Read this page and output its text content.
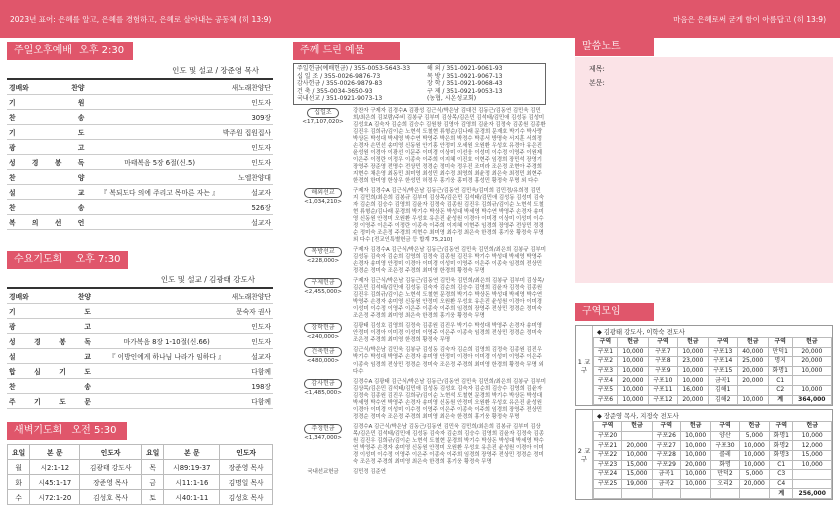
2023년 표어: 은혜를 알고, 은혜를 경험하고, 은혜로 살아내는 공동체 (히 13:9)	마음은 은혜로써 굳게 함이 아름답고 (히 13:9)
주일오후예배 오후 2:30
인도 및 설교 / 장준영 목사
경배와 찬양		새노래찬양단
기 원		인도자
찬 송		309장
기 도		박주원 집원집사
광 고		인도자
성 경 봉 독	마태복음 5장 6절(신.5)	인도자
찬 양		노엘찬양대
설 교	『 복되도다 의에 주리고 목마른 자는 』	설교자
찬 송		526장
복 의 선 언		설교자
수요기도회 오후 7:30
인도 및 설교 / 김광태 강도사
경배와 찬양		새노래찬양단
기 도		문숙자 권사
광 고		인도자
성 경 봉 독	마가복음 8장 1-10절(신.66)	인도자
설 교	『 이방인에게 하나님 나라가 임하다 』	설교자
합 심 기 도		다함께
찬 송		198장
주 기 도 문		다함께
새벽기도회 오전 5:30
요일	본 문	인도자	요일	본 문	인도자
월	시2:1-12	김광태 강도사	목	시89:19-37	장준영 목사
화	시45:1-17	장준영 목사	금	시11:1-16	김명일 목사
수	시72:1-20	김성호 목사	토	시40:1-11	김성호 목사
주께 드린 예물
주일헌금(예배헌금) / 355-0053-5643-33
십 일 조 / 355-0026-9876-73
감사헌금 / 355-0026-9879-83
건 축 / 355-0034-3650-93
국내선교 / 351-0921-9073-13
해 외 / 351-0921-9061-93
목 방 / 351-0921-9067-13
장 학 / 351-0921-9068-43
구 제 / 351-0921-9053-13
(농협, 시온성교회)
십일조
<17,107,020>
강찬자 구제자 김경수A 김광성 김근식/박은남 김대건 김동근/김동연 김민욱 김민희/최은희 김보람/주비 김봉규 김부미 김상목/김은민 김석태/김민애 김성동 김성미 김성호A 김숙자 김순희 김승수 김원창 김영아 김영희 김윤자 김정숙 김종원 김종환 김진우 김희규/김이순 노현석 도철현 류형순/김나래 문경희 문재호 박기수 박사랑 박상돈 박성대 박세영 박수연 박영주 박은희 박정수 박종서 방명숙 서지훈 서희정 손경자 손민선 송미영 신동원 안기홍 안정미 오세원 오원환 우성호 유경아 유은진 윤성원 이경아 이광선 이문주 이미경 이상미 이선웅 이성미 이수정 이영주 이원제 이은주 이정란 이정우 이종숙 이주희 이지혜 이진호 이현주 임경희 장민석 장영기 장영주 장준영 전명수 전상민 정경순 정미숙 정우진 조미라 조은정 조현아 주경희 지현수 채은영 최동민 최미영 최성민 최수정 최영희 최윤정 최은숙 최정민 최현주 한경희 한미영 한상우 한성민 허정우 홍기웅 홍미경 홍성민 황정숙 무명 외 다수
해외선교
<1,034,210>
구제자 김경수A 김근식/박은남 김동근/김동연 김민욱/김미희 김민정/유희정 김민지 김민희/최은희 김봉규 김부미 김상목/김은민 김석태/김민애 김성동 김성미 김숙자 김순희 김승수 김영희 김윤자 김정숙 김종원 김진우 김희규/김이순 노현석 도철현 류형순/김나래 문경희 박기수 박상돈 박성대 박세영 박수연 박영주 손경자 송미영 신동원 안정미 오원환 우성호 유은진 윤성원 이경아 이미경 이상미 이성미 이수정 이영주 이은주 이정란 이종숙 이주희 이지혜 이현주 임경희 장영주 전상민 정경순 정미숙 조은정 주경희 지현수 최미영 최수정 최은숙 한경희 홍기웅 황정숙 무명 외 다수 [전교인특별헌금 등 합계 75,210]
목방선교
<228,000>
구제자 김경수A 김근식/박은남 김동근/김동연 김민욱 김민희/최은희 김봉규 김부미 김성동 김숙자 김순희 김영희 김정숙 김종원 김진우 박기수 박성대 박세영 박영주 손경자 송미영 안정미 이경아 이미경 이성미 이영주 이은주 이종숙 임경희 전상민 정경순 정미숙 조은정 주경희 최미영 한경희 황정숙 무명
구제헌금
<2,455,000>
구제자 김근식/박은남 김동근/김동연 김민욱 김민희/최은희 김봉규 김부미 김상목/김은민 김석태/김민애 김성동 김숙자 김순희 김승수 김영희 김윤자 김정숙 김종원 김진우 김희규/김이순 노현석 도철현 문경희 박기수 박상돈 박성대 박세영 박수연 박영주 손경자 송미영 신동원 안정미 오원환 우성호 유은진 윤성원 이경아 이미경 이성미 이수정 이영주 이은주 이종숙 이주희 임경희 장영주 전상민 정경순 정미숙 조은정 주경희 최미영 최은숙 한경희 홍기웅 황정숙 무명
장학헌금
<240,000>
김광태 김성호 김영희 김정숙 김종원 김진우 박기수 박성대 박영주 손경자 송미영 안정미 이경아 이미경 이성미 이영주 이은주 이종숙 임경희 전상민 정경순 정미숙 조은정 주경희 최미영 한경희 황정숙 무명
건축헌금
<480,000>
김근식/박은남 김민욱 김봉규 김성동 김숙자 김순희 김영희 김정숙 김종원 김진우 박기수 박성대 박영주 손경자 송미영 안정미 이경아 이미경 이성미 이영주 이은주 이종숙 임경희 전상민 정경순 정미숙 조은정 주경희 최미영 한경희 황정숙 무명 외 다수
감사헌금
<1,485,000>
김경수A 김광태 김근식/박은남 김동근/김동연 김민욱 김민희/최은희 김봉규 김부미 김상목/김은민 김석태/김민애 김성동 김성호 김숙자 김순희 김승수 김영희 김윤자 김정숙 김종원 김진우 김희규/김이순 노현석 도철현 문경희 박기수 박상돈 박성대 박세영 박수연 박영주 손경자 송미영 신동원 안정미 오원환 우성호 유은진 윤성원 이경아 이미경 이성미 이수정 이영주 이은주 이종숙 이주희 임경희 장영주 전상민 정경순 정미숙 조은정 주경희 최미영 최은숙 한경희 홍기웅 황정숙 무명
주정헌금
<1,347,000>
김경수A 김근식/박은남 김동근/김동연 김민욱 김민희/최은희 김봉규 김부미 김상목/김은민 김석태/김민애 김성동 김숙자 김순희 김승수 김영희 김윤자 김정숙 김종원 김진우 김희규/김이순 노현석 도철현 문경희 박기수 박상돈 박성대 박세영 박수연 박영주 손경자 송미영 신동원 안정미 오원환 우성호 유은진 윤성원 이경아 이미경 이성미 이수정 이영주 이은주 이종숙 이주희 임경희 장영주 전상민 정경순 정미숙 조은정 주경희 최미영 최은숙 한경희 홍기웅 황정숙 무명
국내선교헌금	김민정 김준연
말씀노트
제목:
본문:
구역모임
1 교 구
◆ 김광태 강도사, 이학숙 전도사
구역	헌금	구역	헌금	구역	헌금	구역	헌금
구포1	10,000	구포7	10,000	구포13	40,000	만덕1	20,000
구포2	10,000	구포8	23,000	구포14	25,000	명지	20,000
구포3	10,000	구포9	10,000	구포15	20,000	화명1	10,000
구포4	20,000	구포10	10,000	금곡1	20,000	C1	
구포5	10,000	구포11	16,000	김해1		C2	10,000
구포6	10,000	구포12	20,000	김해2	10,000	계	364,000
2 교 구
◆ 장준영 목사, 지정숙 전도사
구역	헌금	구역	헌금	구역	헌금	구역	헌금
구포20		구포26	10,000	양산	5,000	화명1	10,000
구포21	20,000	구포27	10,000	구포30	10,000	화명2	12,000
구포22	10,000	구포28	10,000	콜레	10,000	화명3	15,000
구포23	15,000	구포29	20,000	화명	10,000	C1	10,000
구포24	15,000	금곡1	10,000	만덕2	5,000	C3	
구포25	19,000	금곡2	10,000	오리2	20,000	C4	
						계	256,000
